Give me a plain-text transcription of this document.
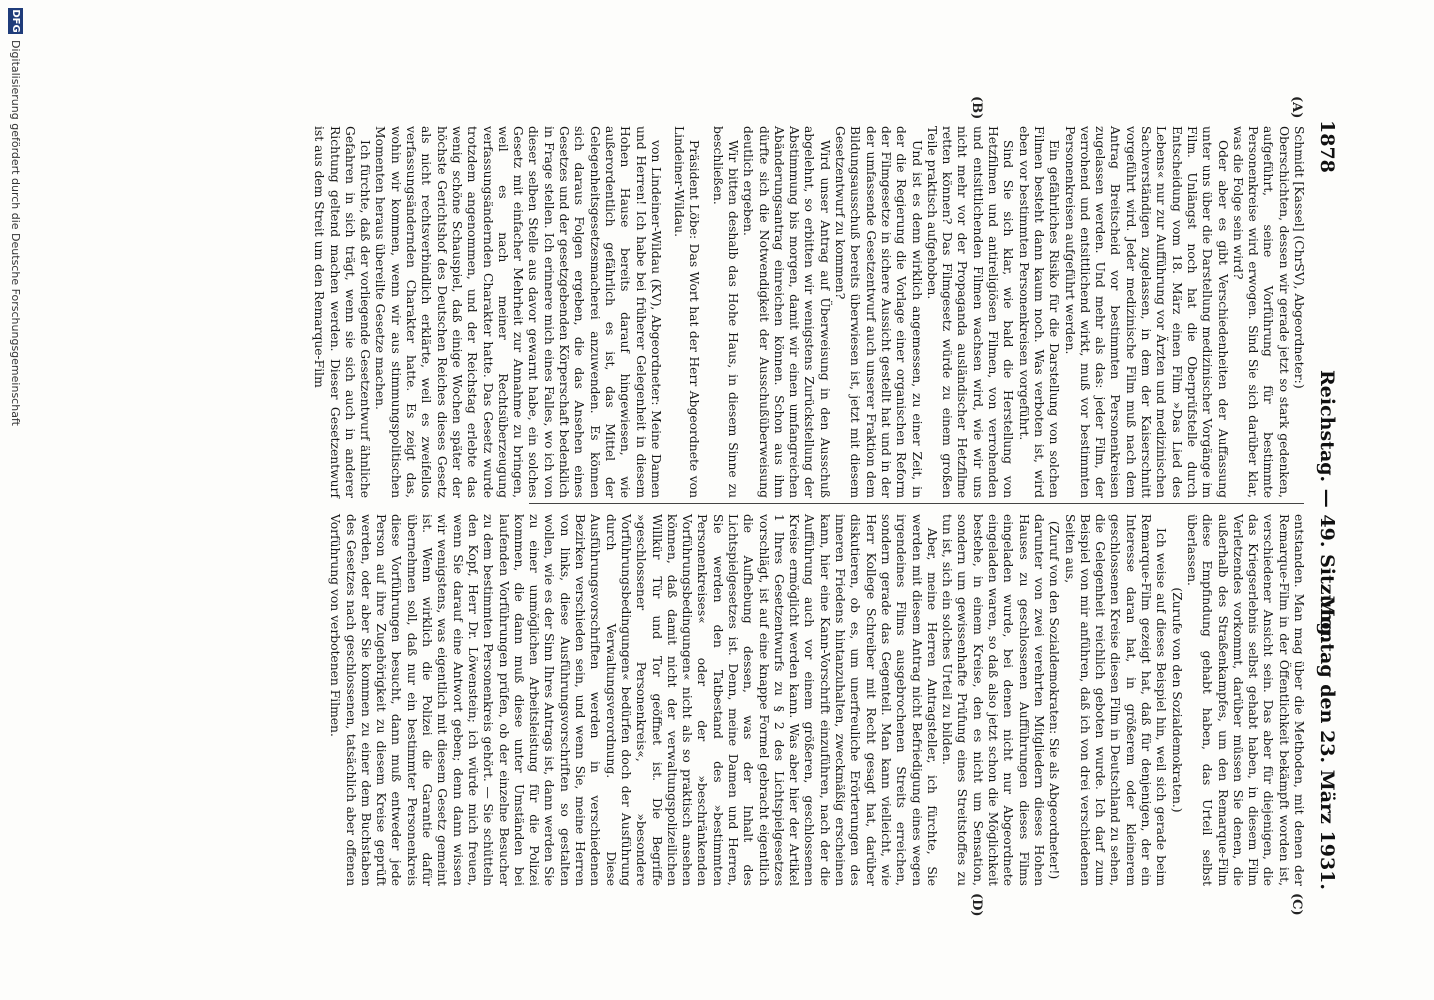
1878
Reichstag. — 49. Sitzung.
Montag den 23. März 1931.
(A)
(B)
(C)
(D)

Schmidt [Kassel] (ChrSV), Abgeordneter:)

Oberschichten, dessen wir gerade jetzt so stark gedenken, aufgeführt, seine Vorführung für bestimmte Personenkreise wird erwogen. Sind Sie sich darüber klar, was die Folge sein wird?

Oder aber es gibt Verschiedenheiten der Auffassung unter uns über die Darstellung medizinischer Vorgänge im Film. Unlängst noch hat die Oberprüfstelle durch Entscheidung vom 18. März einen Film »Das Lied des Lebens« nur zur Aufführung vor Ärzten und medizinischen Sachverständigen zugelassen, in dem der Kaiserschnitt vorgeführt wird. Jeder medizinische Film muß nach dem Antrag Breitscheid vor bestimmten Personenkreisen zugelassen werden. Und mehr als das: jeder Film, der verrohend und entsittlichend wirkt, muß vor bestimmten Personenkreisen aufgeführt werden.

Ein gefährliches Risiko für die Darstellung von solchen Filmen besteht dann kaum noch. Was verboten ist, wird eben vor bestimmten Personenkreisen vorgeführt.

Sind Sie sich klar, wie bald die Herstellung von Hetzfilmen und antireligiösen Filmen, von verrohenden und entsittlichenden Filmen wachsen wird, wie wir uns nicht mehr vor der Propaganda ausländischer Hetzfilme retten können? Das Filmgesetz würde zu einem großen Teile praktisch aufgehoben.

Und ist es denn wirklich angemessen, zu einer Zeit, in der die Regierung die Vorlage einer organischen Reform der Filmgesetze in sichere Aussicht gestellt hat und in der der umfassende Gesetzentwurf auch unserer Fraktion dem Bildungsausschuß bereits überwiesen ist, jetzt mit diesem Gesetzentwurf zu kommen?

Wird unser Antrag auf Überweisung in den Ausschuß abgelehnt, so erbitten wir wenigstens Zurückstellung der Abstimmung bis morgen, damit wir einen umfangreichen Abänderungsantrag einreichen können. Schon aus ihm dürfte sich die Notwendigkeit der Ausschußüberweisung deutlich ergeben.

Wir bitten deshalb das Hohe Haus, in diesem Sinne zu beschließen.

Präsident Löbe: Das Wort hat der Herr Abgeordnete von Lindeiner-Wildau.

von Lindeiner-Wildau (KV), Abgeordneter: Meine Damen und Herren! Ich habe bei früherer Gelegenheit in diesem Hohen Hause bereits darauf hingewiesen, wie außerordentlich gefährlich es ist, das Mittel der Gelegenheitsgesetzesmacherei anzuwenden. Es können sich daraus Folgen ergeben, die das Ansehen eines Gesetzes und der gesetzgebenden Körperschaft bedenklich in Frage stellen. Ich erinnere mich eines Falles, wo ich von dieser selben Stelle aus davor gewarnt habe, ein solches Gesetz mit einfacher Mehrheit zur Annahme zu bringen, weil es nach meiner Rechtsüberzeugung verfassungsändernden Charakter hatte. Das Gesetz wurde trotzdem angenommen, und der Reichstag erlebte das wenig schöne Schauspiel, daß einige Wochen später der höchste Gerichtshof des Deutschen Reiches dieses Gesetz als nicht rechtsverbindlich erklärte, weil es zweifellos verfassungsändernden Charakter hatte. Es zeigt das, wohin wir kommen, wenn wir aus stimmungspolitischen Momenten heraus übereilte Gesetze machen.

Ich fürchte, daß der vorliegende Gesetzentwurf ähnliche Gefahren in sich trägt, wenn sie sich auch in anderer Richtung geltend machen werden. Dieser Gesetzentwurf ist aus dem Streit um den Remarque-Film

entstanden. Man mag über die Methoden, mit denen der Remarque-Film in der Öffentlichkeit bekämpft worden ist, verschiedener Ansicht sein. Das aber für diejenigen, die das Kriegserlebnis selbst gehabt haben, in diesem Film Verletzendes vorkommt, darüber müssen Sie denen, die außerhalb des Straßenkampfes, um den Remarque-Film diese Empfindung gehabt haben, das Urteil selbst überlassen.

(Zurufe von den Sozialdemokraten.)

Ich weise auf dieses Beispiel hin, weil sich gerade beim Remarque-Film gezeigt hat, daß für denjenigen, der ein Interesse daran hat, in größerem oder kleinerem geschlossenen Kreise diesen Film in Deutschland zu sehen, die Gelegenheit reichlich geboten wurde. Ich darf zum Beispiel von mir anführen, daß ich von drei verschiedenen Seiten aus,

(Zuruf von den Sozialdemokraten: Sie als Abgeordneter!)

darunter von zwei verehrten Mitgliedern dieses Hohen Hauses zu geschlossenen Aufführungen dieses Films eingeladen wurde, bei denen nicht nur Abgeordnete eingeladen waren, so daß also jetzt schon die Möglichkeit bestehe, in einem Kreise, den es nicht um Sensation, sondern um gewissenhafte Prüfung eines Streitstoffes zu tun ist, sich ein solches Urteil zu bilden.

Aber, meine Herren Antragsteller, ich fürchte, Sie werden mit diesem Antrag nicht Befriedigung eines wegen irgendeines Films ausgebrochenen Streits erreichen, sondern gerade das Gegenteil. Man kann vielleicht, wie Herr Kollege Schreiber mit Recht gesagt hat, darüber diskutieren, ob es, um unerfreuliche Erörterungen des inneren Friedens hintanzuhalten, zweckmäßig erscheinen kann, hier eine Kann-Vorschrift einzuführen, nach der die Aufführung auch vor einem größeren, geschlossenen Kreise ermöglicht werden kann. Was aber hier der Artikel 1 Ihres Gesetzentwurfs zu § 2 des Lichtspielgesetzes vorschlägt, ist auf eine knappe Formel gebracht eigentlich die Aufhebung dessen, was der Inhalt des Lichtspielgesetzes ist. Denn, meine Damen und Herren, Sie werden den Tatbestand des »bestimmten Personenkreises« oder der »beschränkenden Vorführungsbedingungen« nicht als so praktisch ansehen können, daß damit nicht der verwaltungspolizeilichen Willkür Tür und Tor geöffnet ist. Die Begriffe »geschlossener Personenkreis«, »besondere Vorführungsbedingungen« bedürfen doch der Ausführung durch Verwaltungsverordnung. Diese Ausführungsvorschriften werden in verschiedenen Bezirken verschieden sein, und wenn Sie, meine Herren von links, diese Ausführungsvorschriften so gestalten wollen, wie es der Sinn Ihres Antrags ist, dann werden Sie zu einer unmöglichen Arbeitsleistung für die Polizei kommen, die dann muß diese unter Umständen bei laufenden Vorführungen prüfen, ob der einzelne Besucher zu dem bestimmten Personenkreis gehört. — Sie schütteln den Kopf, Herr Dr. Löwenstein; ich würde mich freuen, wenn Sie darauf eine Antwort geben; denn dann wissen wir wenigstens, was eigentlich mit diesem Gesetz gemeint ist. Wenn wirklich die Polizei die Garantie dafür übernehmen soll, daß nur ein bestimmter Personenkreis diese Vorführungen besucht, dann muß entweder jede Person auf ihre Zugehörigkeit zu diesem Kreise geprüft werden, oder aber Sie kommen zu einer dem Buchstaben des Gesetzes nach geschlossenen, tatsächlich aber offenen Vorführung von verbotenen Filmen.

DFG
Digitalisierung gefördert durch die Deutsche Forschungsgemeinschaft
